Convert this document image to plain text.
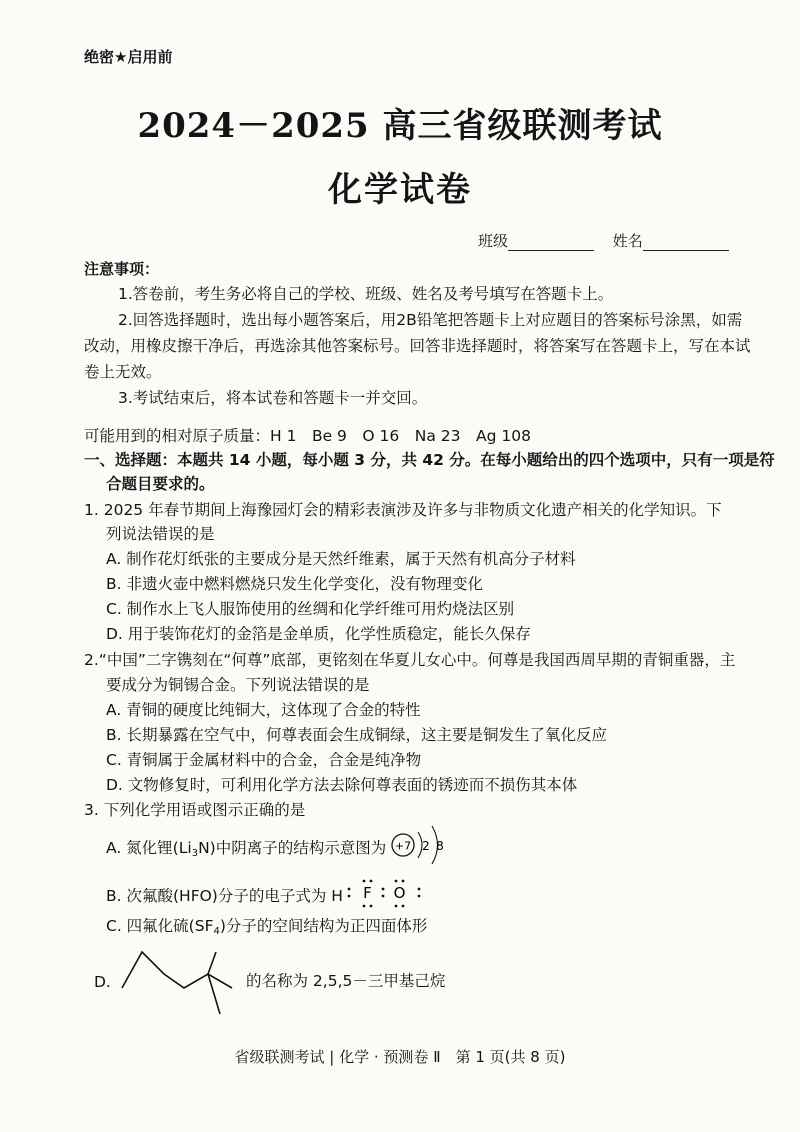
绝密★启用前
2024－2025 高三省级联测考试
化学试卷
班级	姓名
注意事项：
1.答卷前，考生务必将自己的学校、班级、姓名及考号填写在答题卡上。
2.回答选择题时，选出每小题答案后，用2B铅笔把答题卡上对应题目的答案标号涂黑，如需
改动，用橡皮擦干净后，再选涂其他答案标号。回答非选择题时，将答案写在答题卡上，写在本试
卷上无效。
3.考试结束后，将本试卷和答题卡一并交回。
可能用到的相对原子质量：H 1　Be 9　O 16　Na 23　Ag 108
一、选择题：本题共 14 小题，每小题 3 分，共 42 分。在每小题给出的四个选项中，只有一项是符
合题目要求的。
1. 2025 年春节期间上海豫园灯会的精彩表演涉及许多与非物质文化遗产相关的化学知识。下
列说法错误的是
A. 制作花灯纸张的主要成分是天然纤维素，属于天然有机高分子材料
B. 非遗火壶中燃料燃烧只发生化学变化，没有物理变化
C. 制作水上飞人服饰使用的丝绸和化学纤维可用灼烧法区别
D. 用于装饰花灯的金箔是金单质，化学性质稳定，能长久保存
2.“中国”二字镌刻在“何尊”底部，更铭刻在华夏儿女心中。何尊是我国西周早期的青铜重器，主
要成分为铜锡合金。下列说法错误的是
A. 青铜的硬度比纯铜大，这体现了合金的特性
B. 长期暴露在空气中，何尊表面会生成铜绿，这主要是铜发生了氧化反应
C. 青铜属于金属材料中的合金，合金是纯净物
D. 文物修复时，可利用化学方法去除何尊表面的锈迹而不损伤其本体
3. 下列化学用语或图示正确的是
A. 氮化锂$(Li_3N)$中阴离子的结构示意图为 +7 2 8
B. 次氟酸(HFO)分子的电子式为 H F O
C. 四氟化硫$(SF_4)$分子的空间结构为正四面体形
D.	的名称为 2,5,5－三甲基己烷
省级联测考试 | 化学 · 预测卷 Ⅱ　第 1 页(共 8 页)
